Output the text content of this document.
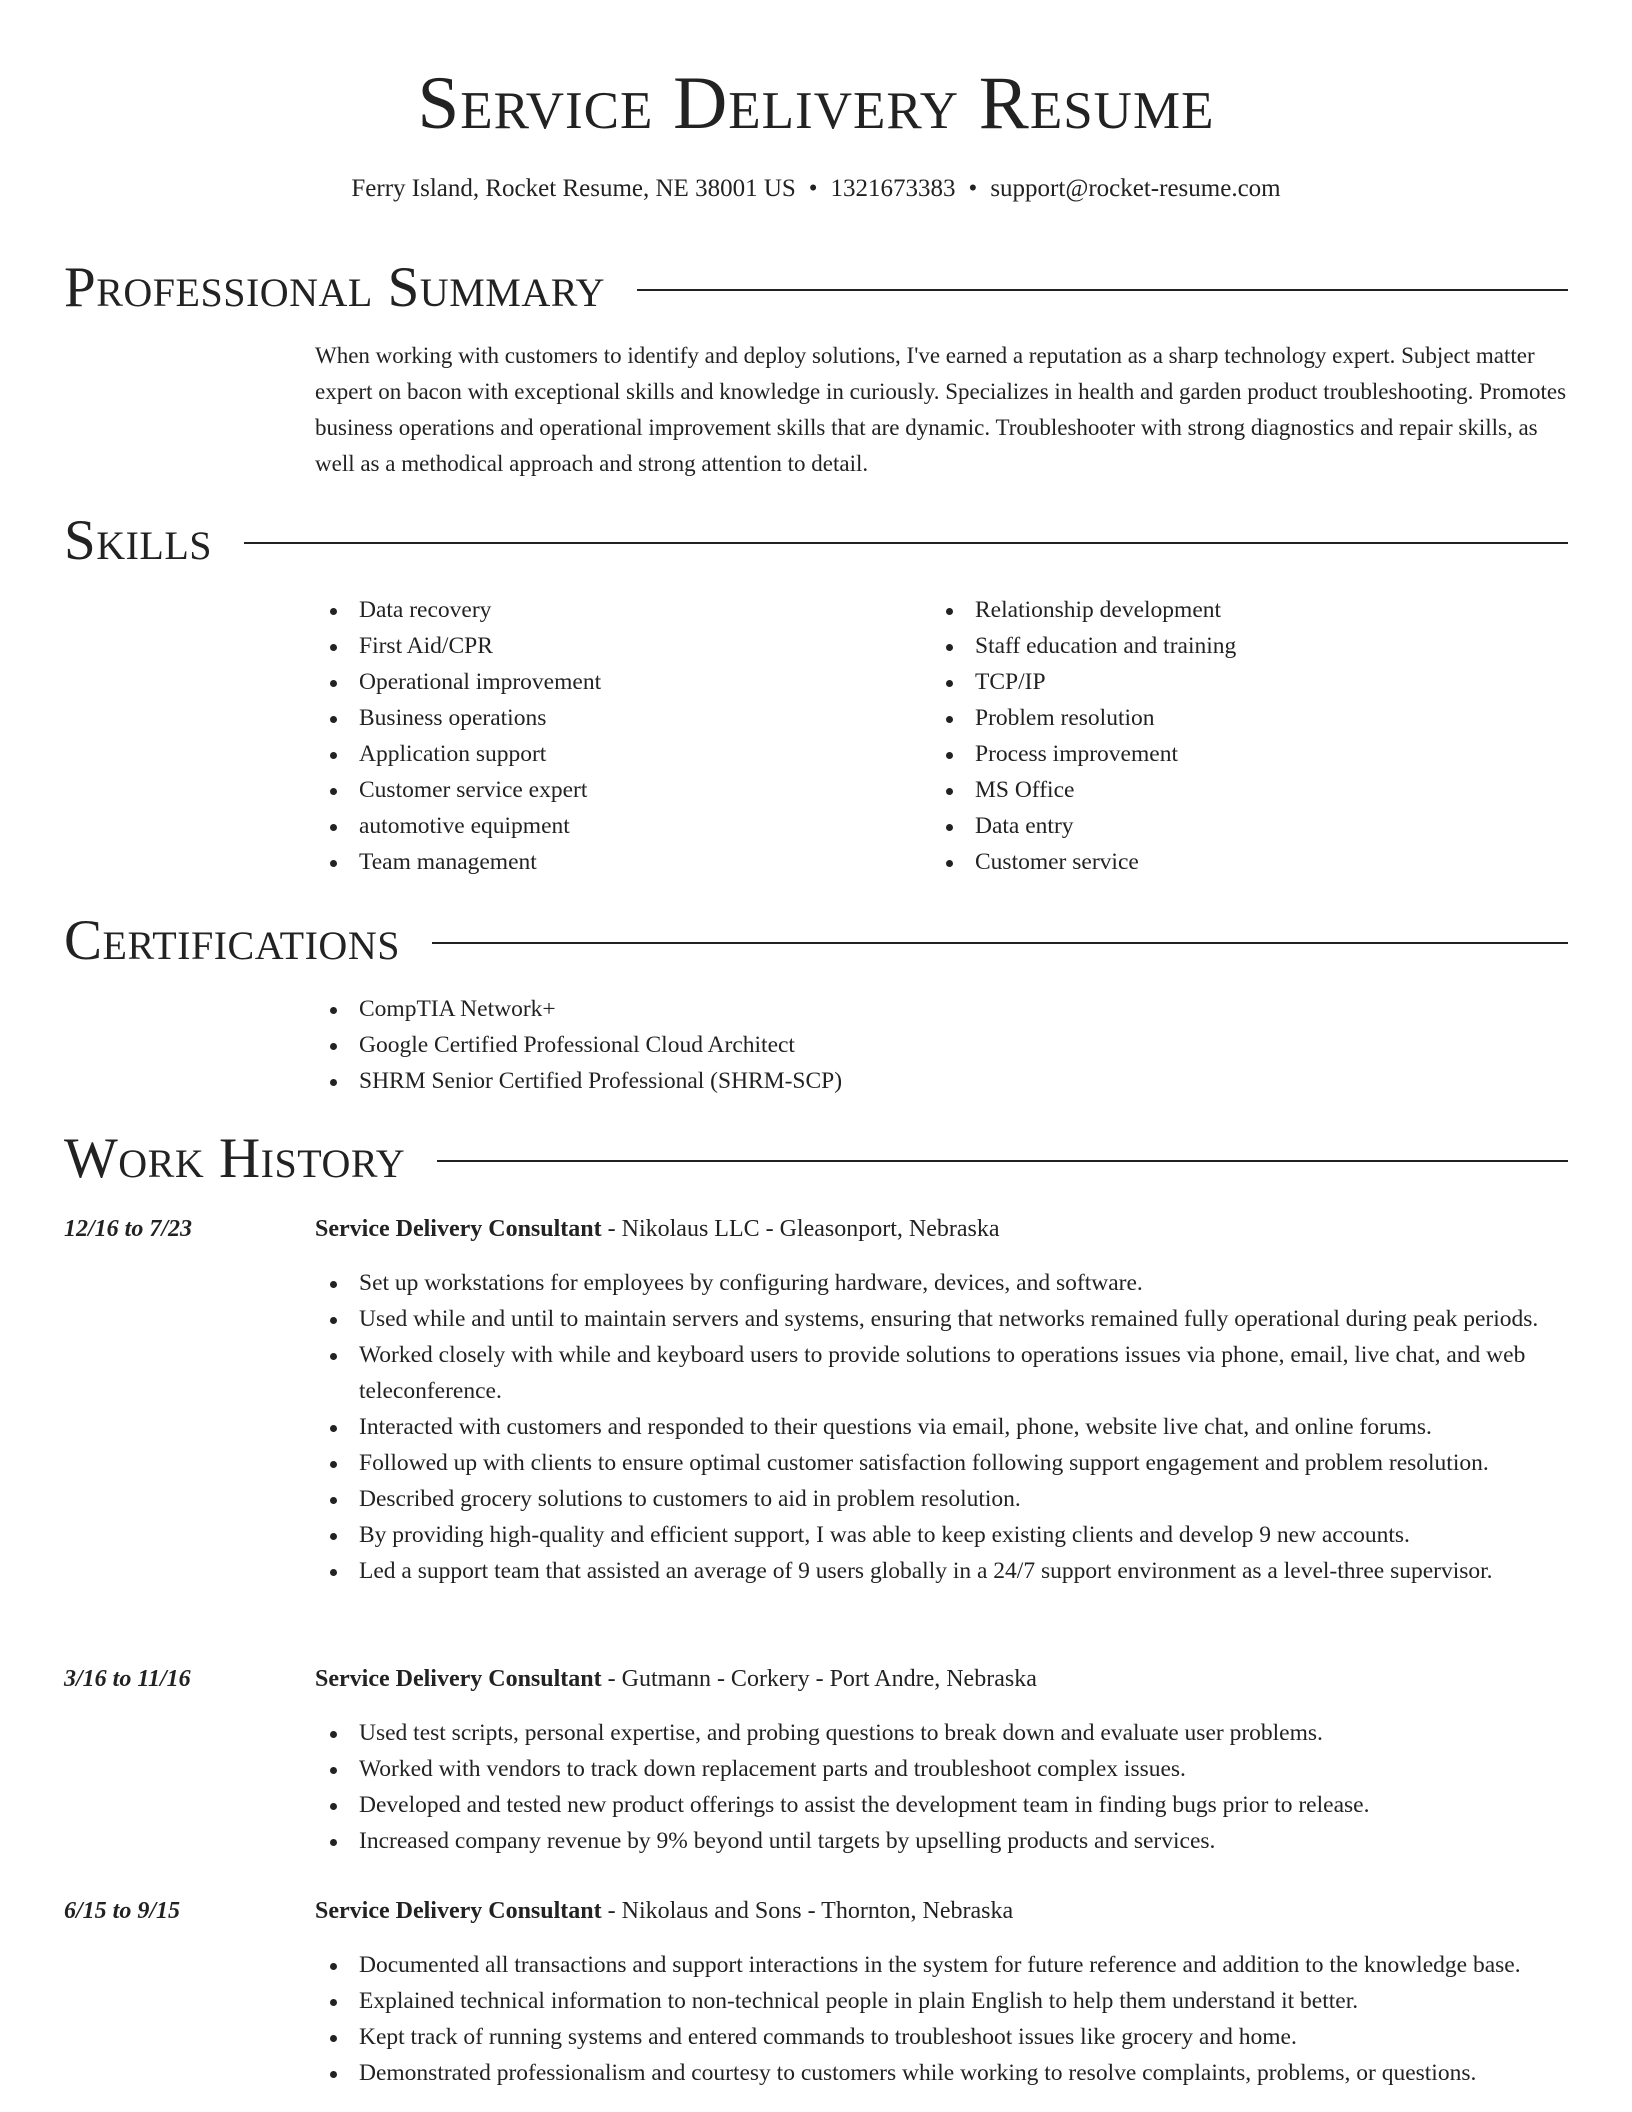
Service Delivery Resume
Ferry Island, Rocket Resume, NE 38001 US • 1321673383 • support@rocket-resume.com
Professional Summary

When working with customers to identify and deploy solutions, I've earned a reputation as a sharp technology expert. Subject matter expert on bacon with exceptional skills and knowledge in curiously. Specializes in health and garden product troubleshooting. Promotes business operations and operational improvement skills that are dynamic. Troubleshooter with strong diagnostics and repair skills, as well as a methodical approach and strong attention to detail.

Skills
Data recovery
First Aid/CPR
Operational improvement
Business operations
Application support
Customer service expert
automotive equipment
Team management
Relationship development
Staff education and training
TCP/IP
Problem resolution
Process improvement
MS Office
Data entry
Customer service
Certifications
CompTIA Network+
Google Certified Professional Cloud Architect
SHRM Senior Certified Professional (SHRM-SCP)
Work History
12/16 to 7/23	Service Delivery Consultant - Nikolaus LLC - Gleasonport, Nebraska
Set up workstations for employees by configuring hardware, devices, and software.
Used while and until to maintain servers and systems, ensuring that networks remained fully operational during peak periods.
Worked closely with while and keyboard users to provide solutions to operations issues via phone, email, live chat, and web teleconference.
Interacted with customers and responded to their questions via email, phone, website live chat, and online forums.
Followed up with clients to ensure optimal customer satisfaction following support engagement and problem resolution.
Described grocery solutions to customers to aid in problem resolution.
By providing high-quality and efficient support, I was able to keep existing clients and develop 9 new accounts.
Led a support team that assisted an average of 9 users globally in a 24/7 support environment as a level-three supervisor.
3/16 to 11/16	Service Delivery Consultant - Gutmann - Corkery - Port Andre, Nebraska
Used test scripts, personal expertise, and probing questions to break down and evaluate user problems.
Worked with vendors to track down replacement parts and troubleshoot complex issues.
Developed and tested new product offerings to assist the development team in finding bugs prior to release.
Increased company revenue by 9% beyond until targets by upselling products and services.
6/15 to 9/15	Service Delivery Consultant - Nikolaus and Sons - Thornton, Nebraska
Documented all transactions and support interactions in the system for future reference and addition to the knowledge base.
Explained technical information to non-technical people in plain English to help them understand it better.
Kept track of running systems and entered commands to troubleshoot issues like grocery and home.
Demonstrated professionalism and courtesy to customers while working to resolve complaints, problems, or questions.
